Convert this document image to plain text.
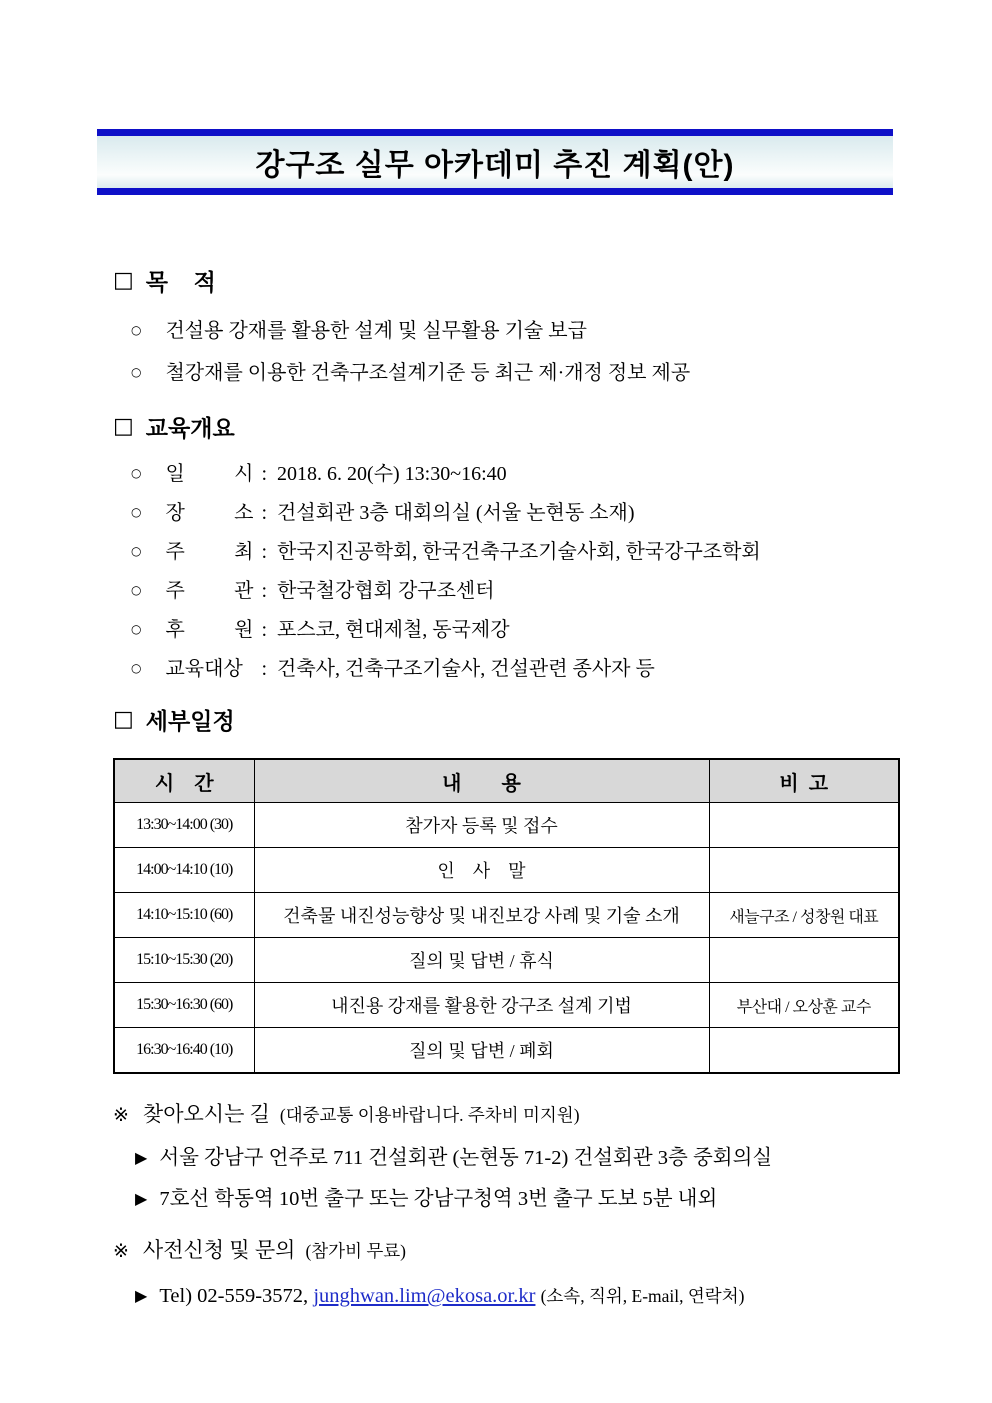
강구조 실무 아카데미 추진 계획(안)
□ 목    적
○ 건설용 강재를 활용한 설계 및 실무활용 기술 보급
○ 철강재를 이용한 건축구조설계기준 등 최근 제·개정 정보 제공
□ 교육개요
○ 일 시 : 2018. 6. 20(수) 13:30~16:40
○ 장 소 : 건설회관 3층 대회의실 (서울 논현동 소재)
○ 주 최 : 한국지진공학회, 한국건축구조기술사회, 한국강구조학회
○ 주 관 : 한국철강협회 강구조센터
○ 후 원 : 포스코, 현대제철, 동국제강
○ 교육대상 : 건축사, 건축구조기술사, 건설관련 종사자 등
□ 세부일정
시    간	내        용	비  고
13:30~14:00 (30)	참가자 등록 및 접수	
14:00~14:10 (10)	인    사    말	
14:10~15:10 (60)	건축물 내진성능향상 및 내진보강 사례 및 기술 소개	새늘구조 / 성창원 대표
15:10~15:30 (20)	질의 및 답변 / 휴식	
15:30~16:30 (60)	내진용 강재를 활용한 강구조 설계 기법	부산대 / 오상훈 교수
16:30~16:40 (10)	질의 및 답변 / 폐회	
※ 찾아오시는 길 (대중교통 이용바랍니다. 주차비 미지원)
▶ 서울 강남구 언주로 711 건설회관 (논현동 71-2) 건설회관 3층 중회의실
▶ 7호선 학동역 10번 출구 또는 강남구청역 3번 출구 도보 5분 내외
※ 사전신청 및 문의 (참가비 무료)
▶ Tel) 02-559-3572,
junghwan.lim@ekosa.or.kr
(소속, 직위, E-mail, 연락처)
